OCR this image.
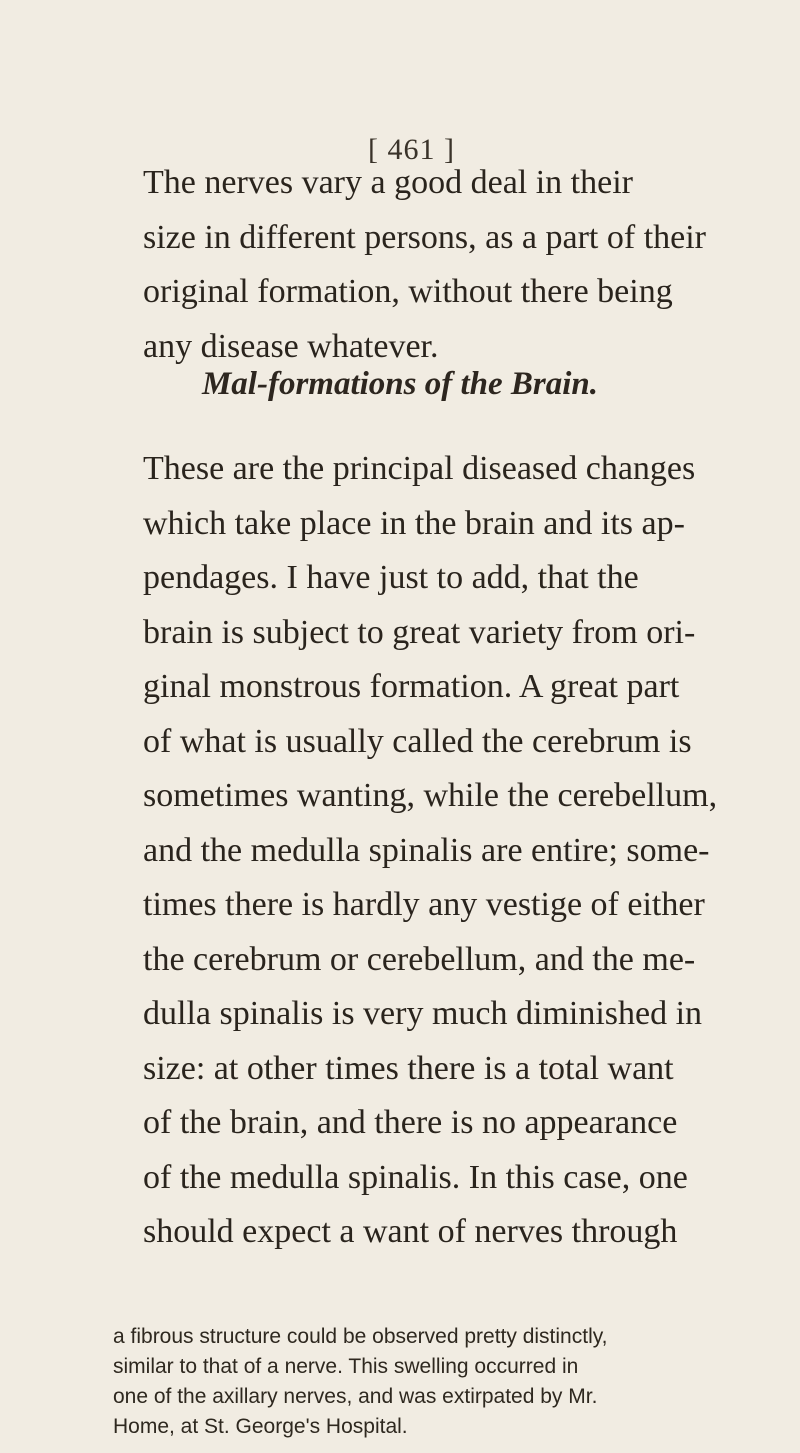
[ 461 ]

The nerves vary a good deal in their
size in different persons, as a part of their
original formation, without there being
any disease whatever.

Mal-formations of the Brain.

These are the principal diseased changes
which take place in the brain and its ap-
pendages. I have just to add, that the
brain is subject to great variety from ori-
ginal monstrous formation. A great part
of what is usually called the cerebrum is
sometimes wanting, while the cerebellum,
and the medulla spinalis are entire; some-
times there is hardly any vestige of either
the cerebrum or cerebellum, and the me-
dulla spinalis is very much diminished in
size: at other times there is a total want
of the brain, and there is no appearance
of the medulla spinalis. In this case, one
should expect a want of nerves through

a fibrous structure could be observed pretty distinctly,
similar to that of a nerve. This swelling occurred in
one of the axillary nerves, and was extirpated by Mr.
Home, at St. George's Hospital.
